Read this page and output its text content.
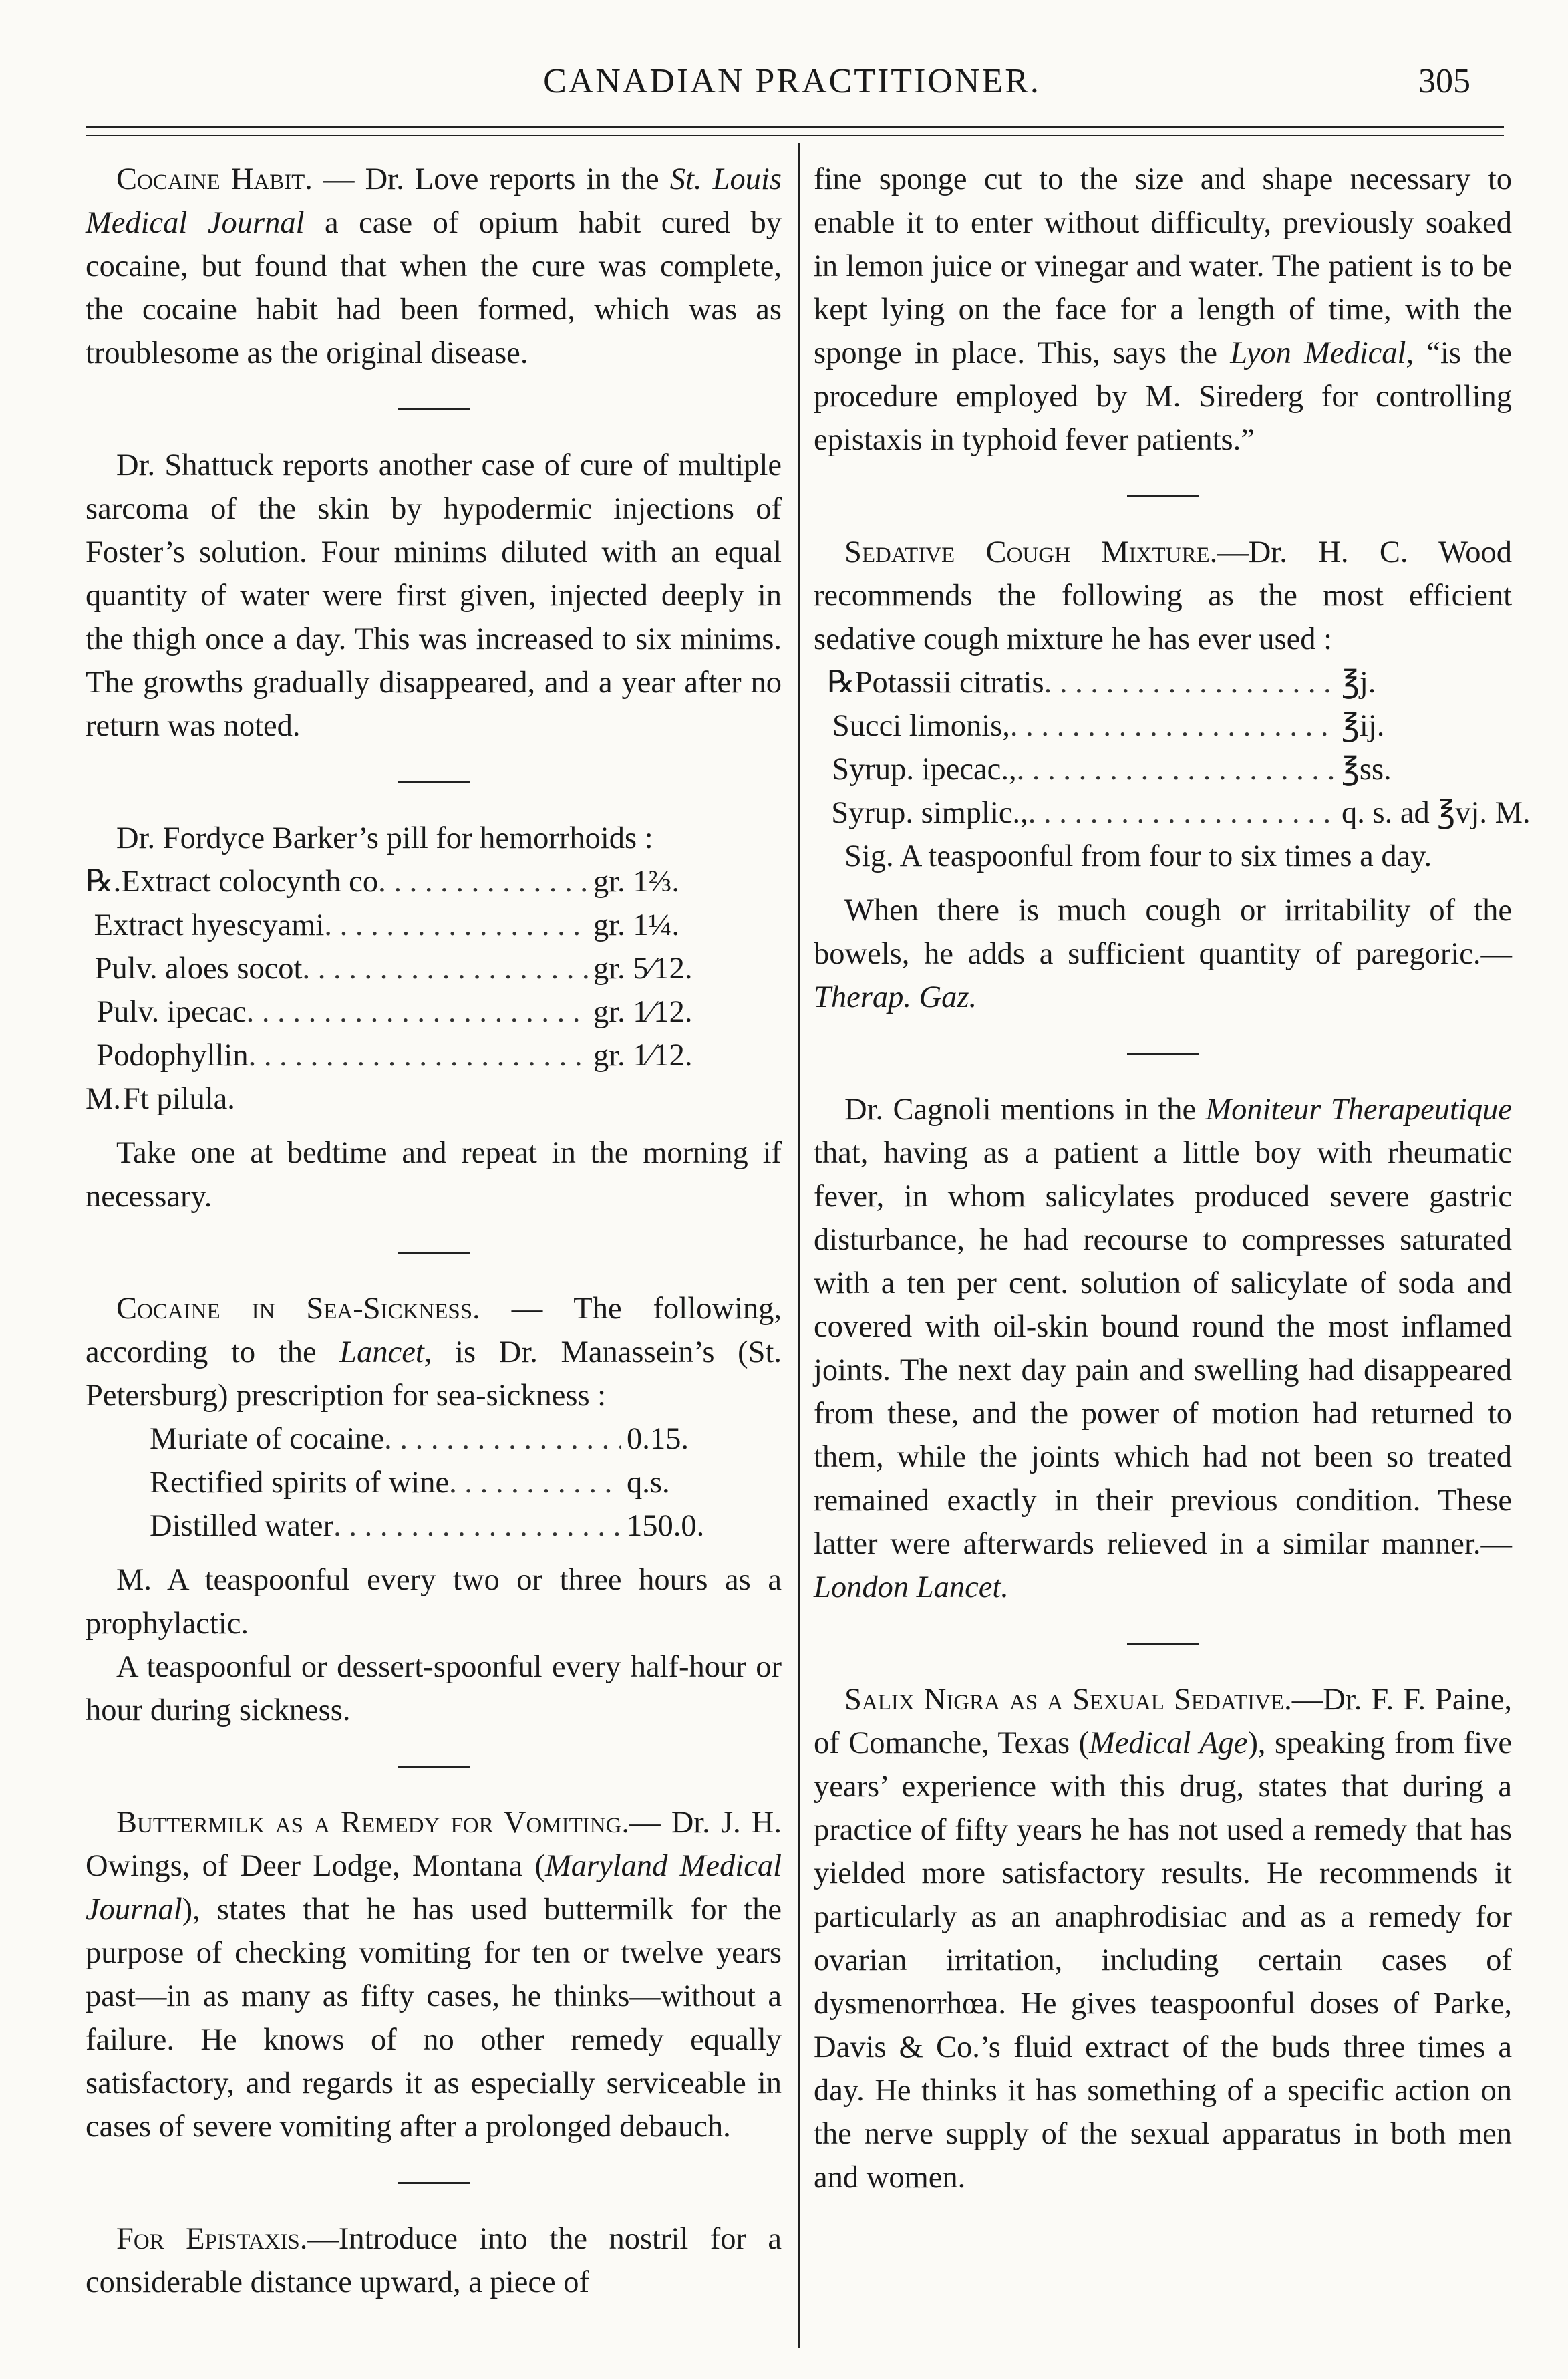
CANADIAN PRACTITIONER.	305

Cocaine Habit. — Dr. Love reports in the St. Louis Medical Journal a case of opium habit cured by cocaine, but found that when the cure was complete, the cocaine habit had been formed, which was as troublesome as the original disease.

Dr. Shattuck reports another case of cure of multiple sarcoma of the skin by hypodermic injections of Foster’s solution. Four minims diluted with an equal quantity of water were first given, injected deeply in the thigh once a day. This was increased to six minims. The growths gradually disappeared, and a year after no return was noted.

Dr. Fordyce Barker’s pill for hemorrhoids :

℞. Extract colocynth co . . .	gr. 1⅔.
Extract hyescyami . . .	gr. 1¼.
Pulv. aloes socot . . .	gr. 5⁄12.
Pulv. ipecac . . .	gr. 1⁄12.
Podophyllin . . .	gr. 1⁄12.
M. Ft pilula.

Take one at bedtime and repeat in the morning if necessary.

Cocaine in Sea-Sickness. — The following, according to the Lancet, is Dr. Manassein’s (St. Petersburg) prescription for sea-sickness :

Muriate of cocaine . . .	0.15.
Rectified spirits of wine . . .	q.s.
Distilled water . . .	150.0.

M. A teaspoonful every two or three hours as a prophylactic.

A teaspoonful or dessert-spoonful every half-hour or hour during sickness.

Buttermilk as a Remedy for Vomiting.— Dr. J. H. Owings, of Deer Lodge, Montana (Maryland Medical Journal), states that he has used buttermilk for the purpose of checking vomiting for ten or twelve years past—in as many as fifty cases, he thinks—without a failure. He knows of no other remedy equally satisfactory, and regards it as especially serviceable in cases of severe vomiting after a prolonged debauch.

For Epistaxis.—Introduce into the nostril for a considerable distance upward, a piece of

fine sponge cut to the size and shape necessary to enable it to enter without difficulty, previously soaked in lemon juice or vinegar and water. The patient is to be kept lying on the face for a length of time, with the sponge in place. This, says the Lyon Medical, “is the procedure employed by M. Sirederg for controlling epistaxis in typhoid fever patients.”

Sedative Cough Mixture.—Dr. H. C. Wood recommends the following as the most efficient sedative cough mixture he has ever used :

℞ Potassii citratis . . .	℥j.
Succi limonis, . . .	℥ij.
Syrup. ipecac., . . .	℥ss.
Syrup. simplic., . . .	q. s. ad ℥vj. M.

Sig. A teaspoonful from four to six times a day.

When there is much cough or irritability of the bowels, he adds a sufficient quantity of paregoric.—Therap. Gaz.

Dr. Cagnoli mentions in the Moniteur Therapeutique that, having as a patient a little boy with rheumatic fever, in whom salicylates produced severe gastric disturbance, he had recourse to compresses saturated with a ten per cent. solution of salicylate of soda and covered with oil-skin bound round the most inflamed joints. The next day pain and swelling had disappeared from these, and the power of motion had returned to them, while the joints which had not been so treated remained exactly in their previous condition. These latter were afterwards relieved in a similar manner.—London Lancet.

Salix Nigra as a Sexual Sedative.—Dr. F. F. Paine, of Comanche, Texas (Medical Age), speaking from five years’ experience with this drug, states that during a practice of fifty years he has not used a remedy that has yielded more satisfactory results. He recommends it particularly as an anaphrodisiac and as a remedy for ovarian irritation, including certain cases of dysmenorrhœa. He gives teaspoonful doses of Parke, Davis & Co.’s fluid extract of the buds three times a day. He thinks it has something of a specific action on the nerve supply of the sexual apparatus in both men and women.
